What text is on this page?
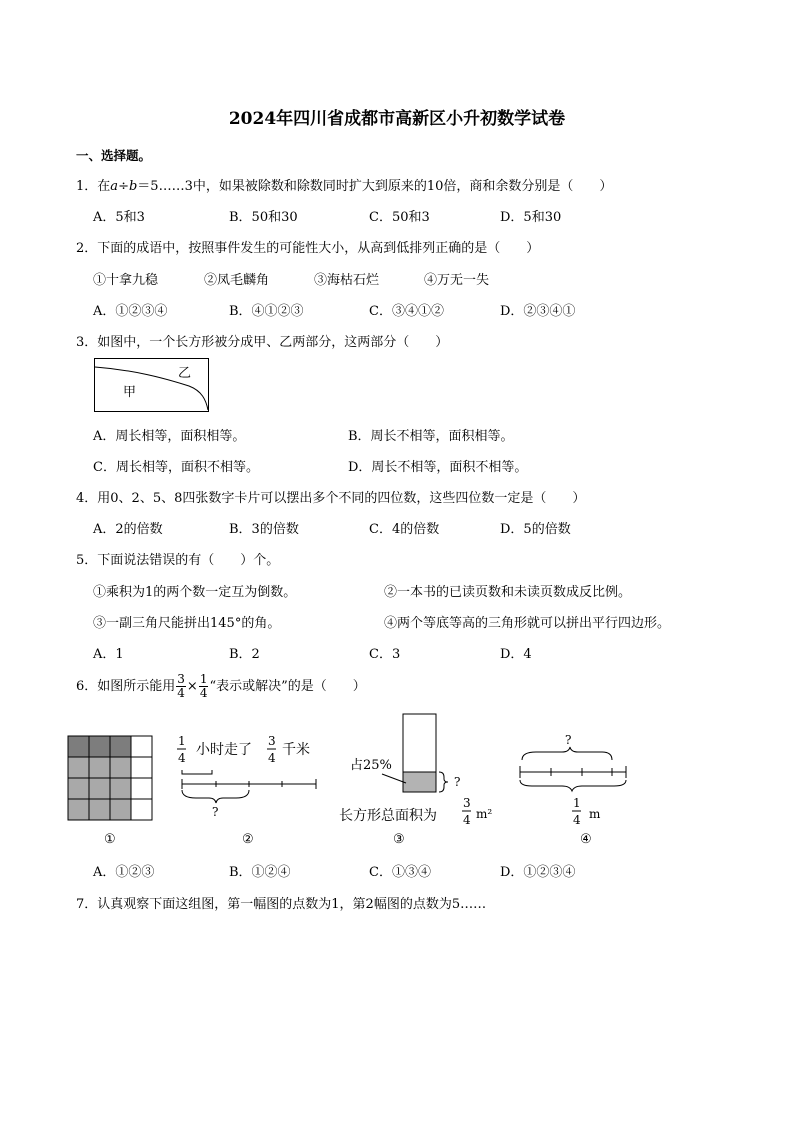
2024年四川省成都市高新区小升初数学试卷
一、选择题。
1．在a÷b＝5……3中，如果被除数和除数同时扩大到原来的10倍，商和余数分别是（　　）
A．5和3	B．50和30	C．50和3	D．5和30
2．下面的成语中，按照事件发生的可能性大小，从高到低排列正确的是（　　）
①十拿九稳	②凤毛麟角	③海枯石烂	④万无一失
A．①②③④	B．④①②③	C．③④①②	D．②③④①
3．如图中，一个长方形被分成甲、乙两部分，这两部分（　　）
甲
乙
A．周长相等，面积相等。	B．周长不相等，面积相等。
C．周长相等，面积不相等。	D．周长不相等，面积不相等。
4．用0、2、5、8四张数字卡片可以摆出多个不同的四位数，这些四位数一定是（　　）
A．2的倍数	B．3的倍数	C．4的倍数	D．5的倍数
5．下面说法错误的有（　　）个。
①乘积为1的两个数一定互为倒数。	②一本书的已读页数和未读页数成反比例。
③一副三角尺能拼出145°的角。	④两个等底等高的三角形就可以拼出平行四边形。
A．1	B．2	C．3	D．4
6．如图所示能用 $\frac{3}{4} \times \frac{1}{4}$ “表示或解决”的是（　　）
①
1
4 小时走了
3
4 千米
?
②
占25%
?
长方形总面积为
3
4 m²
③
?
1
4 m
④
A．①②③	B．①②④	C．①③④	D．①②③④
7．认真观察下面这组图，第一幅图的点数为1，第2幅图的点数为5……
